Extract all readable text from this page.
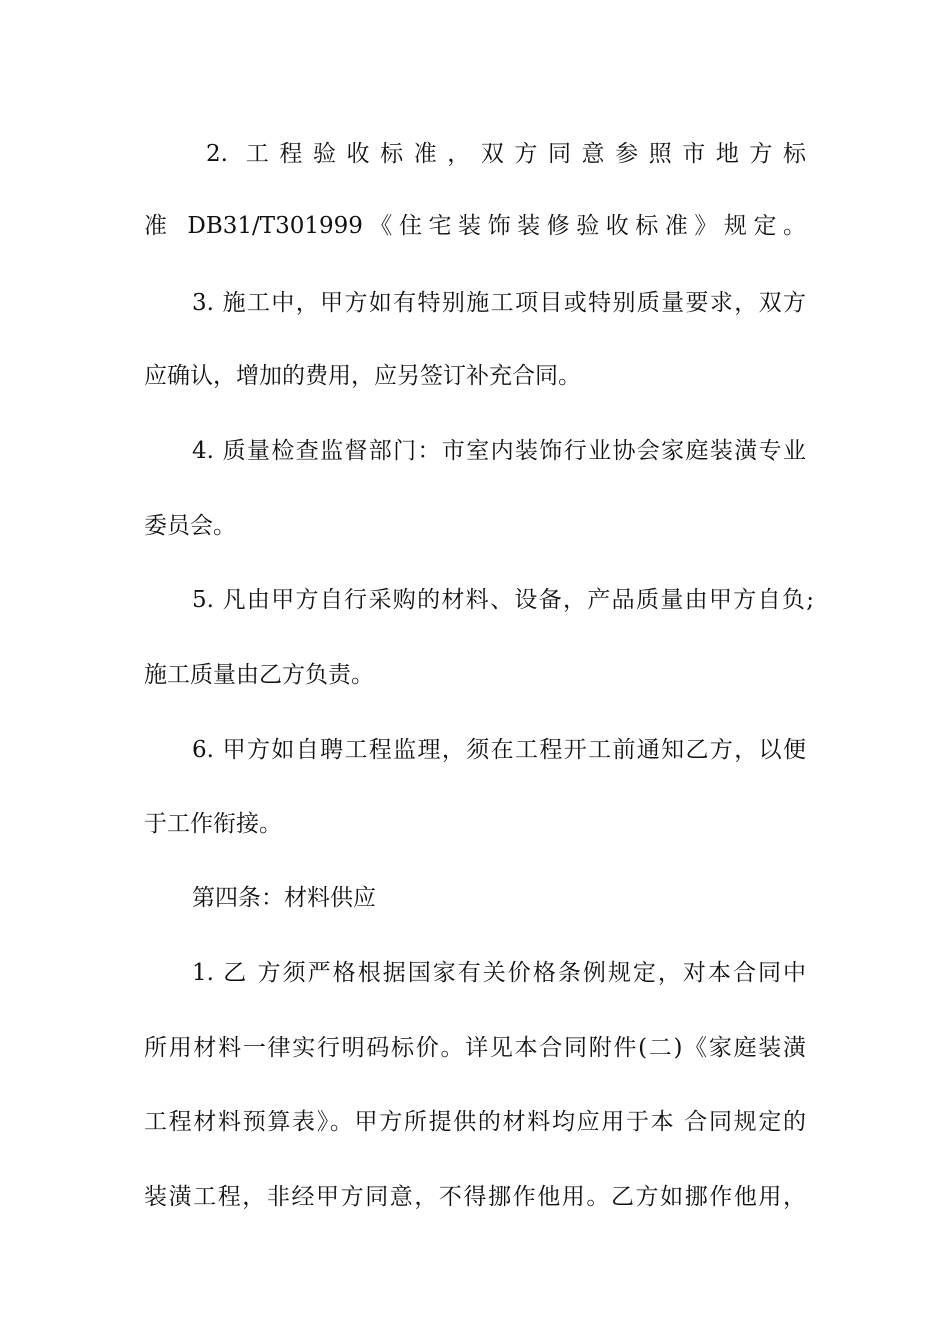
2. 工程验收标准，双方同意参照市地方标
准 DB31/T301999《住宅装饰装修验收标准》规定。
3. 施工中，甲方如有特别施工项目或特别质量要求，双方
应确认，增加的费用，应另签订补充合同。
4. 质量检查监督部门：市室内装饰行业协会家庭装潢专业
委员会。
5. 凡由甲方自行采购的材料、设备，产品质量由甲方自负;
施工质量由乙方负责。
6. 甲方如自聘工程监理，须在工程开工前通知乙方，以便
于工作衔接。
第四条：材料供应
1. 乙 方须严格根据国家有关价格条例规定，对本合同中
所用材料一律实行明码标价。详见本合同附件(二)《家庭装潢
工程材料预算表》。甲方所提供的材料均应用于本 合同规定的
装潢工程，非经甲方同意，不得挪作他用。乙方如挪作他用，
